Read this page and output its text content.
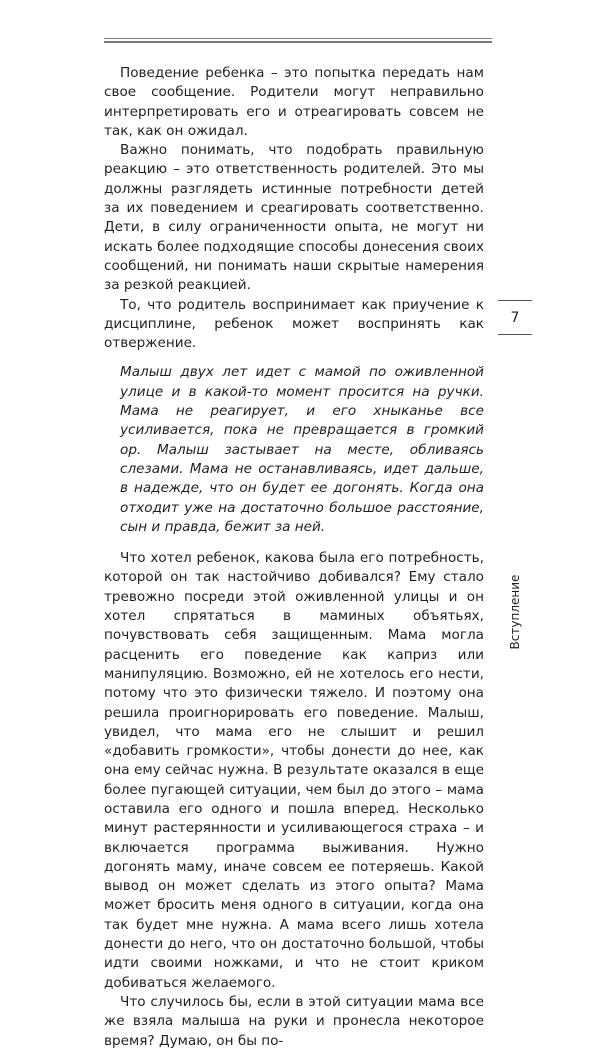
Поведение ребенка – это попытка передать нам свое сообщение. Родители могут неправильно интерпретировать его и отреагировать совсем не так, как он ожидал.

Важно понимать, что подобрать правильную реакцию – это ответственность родителей. Это мы должны разглядеть истинные потребности детей за их поведением и среагировать соответственно. Дети, в силу ограниченности опыта, не могут ни искать более подходящие способы донесения своих сообщений, ни понимать наши скрытые намерения за резкой реакцией.

То, что родитель воспринимает как приучение к дисциплине, ребенок может воспринять как отвержение.

Малыш двух лет идет с мамой по оживленной улице и в какой-то момент просится на ручки. Мама не реагирует, и его хныканье все усиливается, пока не превращается в громкий ор. Малыш застывает на месте, обливаясь слезами. Мама не останавливаясь, идет дальше, в надежде, что он будет ее догонять. Когда она отходит уже на достаточно большое расстояние, сын и правда, бежит за ней.

Что хотел ребенок, какова была его потребность, которой он так настойчиво добивался? Ему стало тревожно посреди этой оживленной улицы и он хотел спрятаться в маминых объятьях, почувствовать себя защищенным. Мама могла расценить его поведение как каприз или манипуляцию. Возможно, ей не хотелось его нести, потому что это физически тяжело. И поэтому она решила проигнорировать его поведение. Малыш, увидел, что мама его не слышит и решил «добавить громкости», чтобы донести до нее, как она ему сейчас нужна. В результате оказался в еще более пугающей ситуации, чем был до этого – мама оставила его одного и пошла вперед. Несколько минут растерянности и усиливающегося страха – и включается программа выживания. Нужно догонять маму, иначе совсем ее потеряешь. Какой вывод он может сделать из этого опыта? Мама может бросить меня одного в ситуации, когда она так будет мне нужна. А мама всего лишь хотела донести до него, что он достаточно большой, чтобы идти своими ножками, и что не стоит криком добиваться желаемого.

Что случилось бы, если в этой ситуации мама все же взяла малыша на руки и пронесла некоторое время? Думаю, он бы по-

7
Вступление
